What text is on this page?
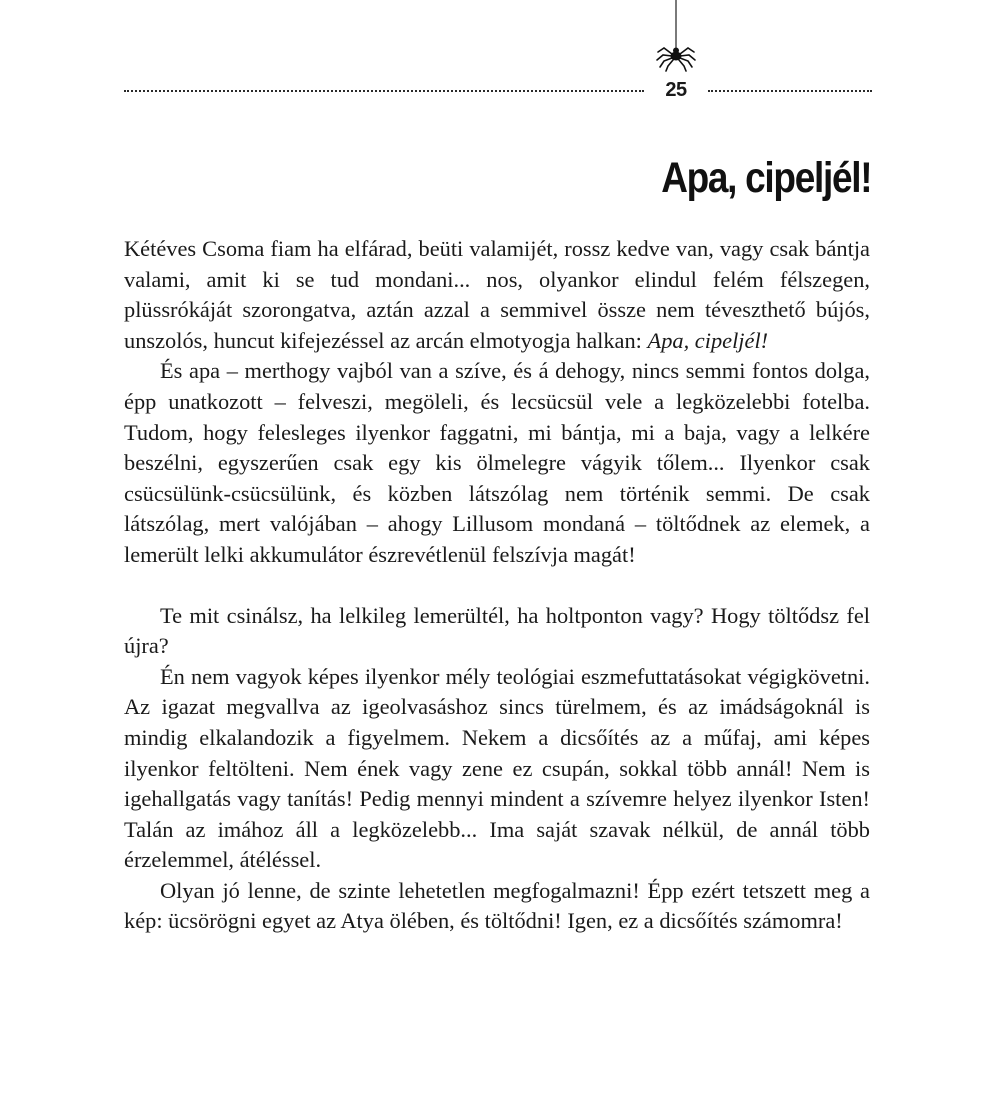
25
Apa, cipeljél!

Kétéves Csoma fiam ha elfárad, beüti valamijét, rossz kedve van, vagy csak bántja valami, amit ki se tud mondani... nos, olyankor elindul felém félszegen, plüssrókáját szorongatva, aztán azzal a semmivel össze nem téveszthető bújós, unszolós, huncut kifejezéssel az arcán elmotyogja halkan: Apa, cipeljél!

És apa – merthogy vajból van a szíve, és á dehogy, nincs semmi fontos dolga, épp unatkozott – felveszi, megöleli, és lecsücsül vele a legközelebbi fotelba. Tudom, hogy felesleges ilyenkor faggatni, mi bántja, mi a baja, vagy a lelkére beszélni, egyszerűen csak egy kis ölmelegre vágyik tőlem... Ilyenkor csak csücsülünk-csücsülünk, és közben látszólag nem történik semmi. De csak látszólag, mert valójában – ahogy Lillusom mondaná – töltődnek az elemek, a lemerült lelki akkumulátor észrevétlenül felszívja magát!

Te mit csinálsz, ha lelkileg lemerültél, ha holtponton vagy? Hogy töltődsz fel újra?

Én nem vagyok képes ilyenkor mély teológiai eszmefuttatásokat végigkövetni. Az igazat megvallva az igeolvasáshoz sincs türelmem, és az imádságoknál is mindig elkalandozik a figyelmem. Nekem a dicsőítés az a műfaj, ami képes ilyenkor feltölteni. Nem ének vagy zene ez csupán, sokkal több annál! Nem is igehallgatás vagy tanítás! Pedig mennyi mindent a szívemre helyez ilyenkor Isten! Talán az imához áll a legközelebb... Ima saját szavak nélkül, de annál több érzelemmel, átéléssel.

Olyan jó lenne, de szinte lehetetlen megfogalmazni! Épp ezért tetszett meg a kép: ücsörögni egyet az Atya ölében, és töltődni! Igen, ez a dicsőítés számomra!
